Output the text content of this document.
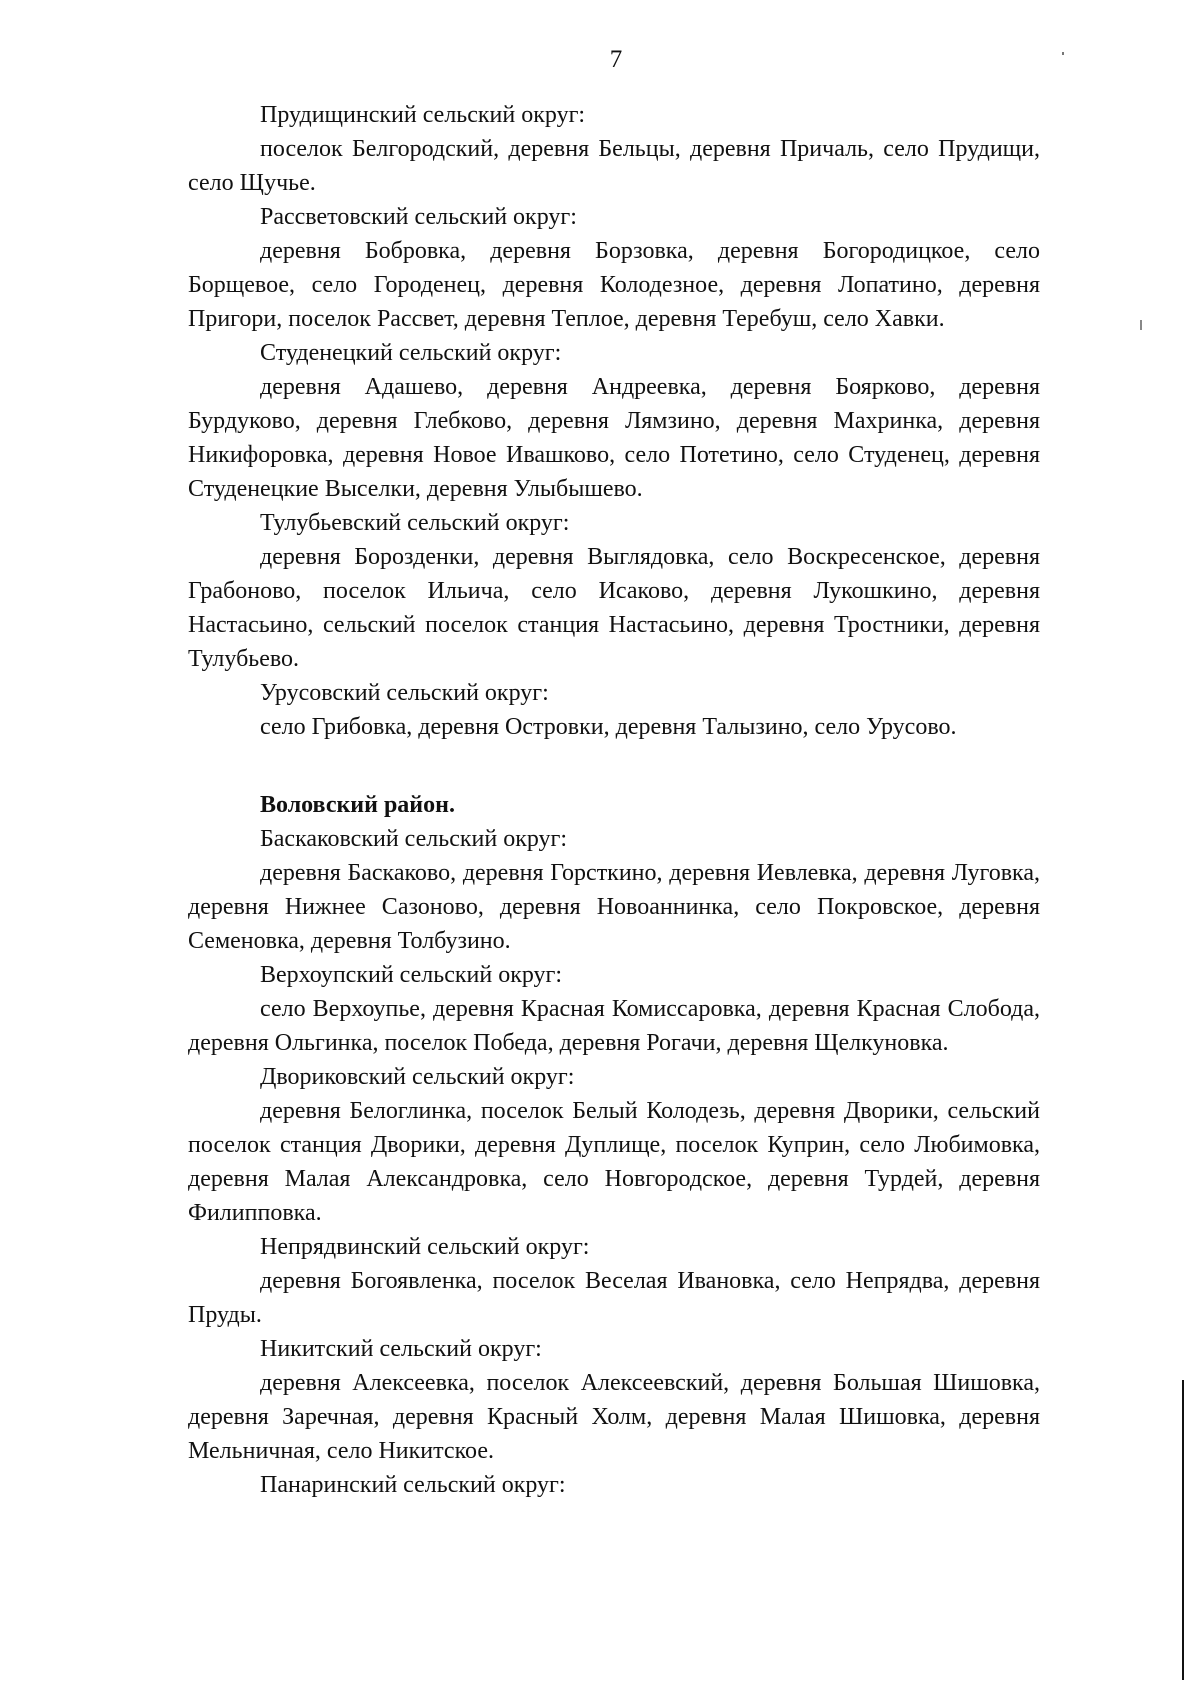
7

Прудищинский сельский округ:

поселок Белгородский, деревня Бельцы, деревня Причаль, село Прудищи, село Щучье.

Рассветовский сельский округ:

деревня Бобровка, деревня Борзовка, деревня Богородицкое, село Борщевое, село Городенец, деревня Колодезное, деревня Лопатино, деревня Пригори, поселок Рассвет, деревня Теплое, деревня Теребуш, село Хавки.

Студенецкий сельский округ:

деревня Адашево, деревня Андреевка, деревня Боярково, деревня Бурдуково, деревня Глебково, деревня Лямзино, деревня Махринка, деревня Никифоровка, деревня Новое Ивашково, село Потетино, село Студенец, деревня Студенецкие Выселки, деревня Улыбышево.

Тулубьевский сельский округ:

деревня Борозденки, деревня Выглядовка, село Воскресенское, деревня Грабоново, поселок Ильича, село Исаково, деревня Лукошкино, деревня Настасьино, сельский поселок станция Настасьино, деревня Тростники, деревня Тулубьево.

Урусовский сельский округ:

село Грибовка, деревня Островки, деревня Талызино, село Урусово.

Воловский район.

Баскаковский сельский округ:

деревня Баскаково, деревня Горсткино, деревня Иевлевка, деревня Луговка, деревня Нижнее Сазоново, деревня Новоаннинка, село Покровское, деревня Семеновка, деревня Толбузино.

Верхоупский сельский округ:

село Верхоупье, деревня Красная Комиссаровка, деревня Красная Слобода, деревня Ольгинка, поселок Победа, деревня Рогачи, деревня Щелкуновка.

Двориковский сельский округ:

деревня Белоглинка, поселок Белый Колодезь, деревня Дворики, сельский поселок станция Дворики, деревня Дуплище, поселок Куприн, село Любимовка, деревня Малая Александровка, село Новгородское, деревня Турдей, деревня Филипповка.

Непрядвинский сельский округ:

деревня Богоявленка, поселок Веселая Ивановка, село Непрядва, деревня Пруды.

Никитский сельский округ:

деревня Алексеевка, поселок Алексеевский, деревня Большая Шишовка, деревня Заречная, деревня Красный Холм, деревня Малая Шишовка, деревня Мельничная, село Никитское.

Панаринский сельский округ:
